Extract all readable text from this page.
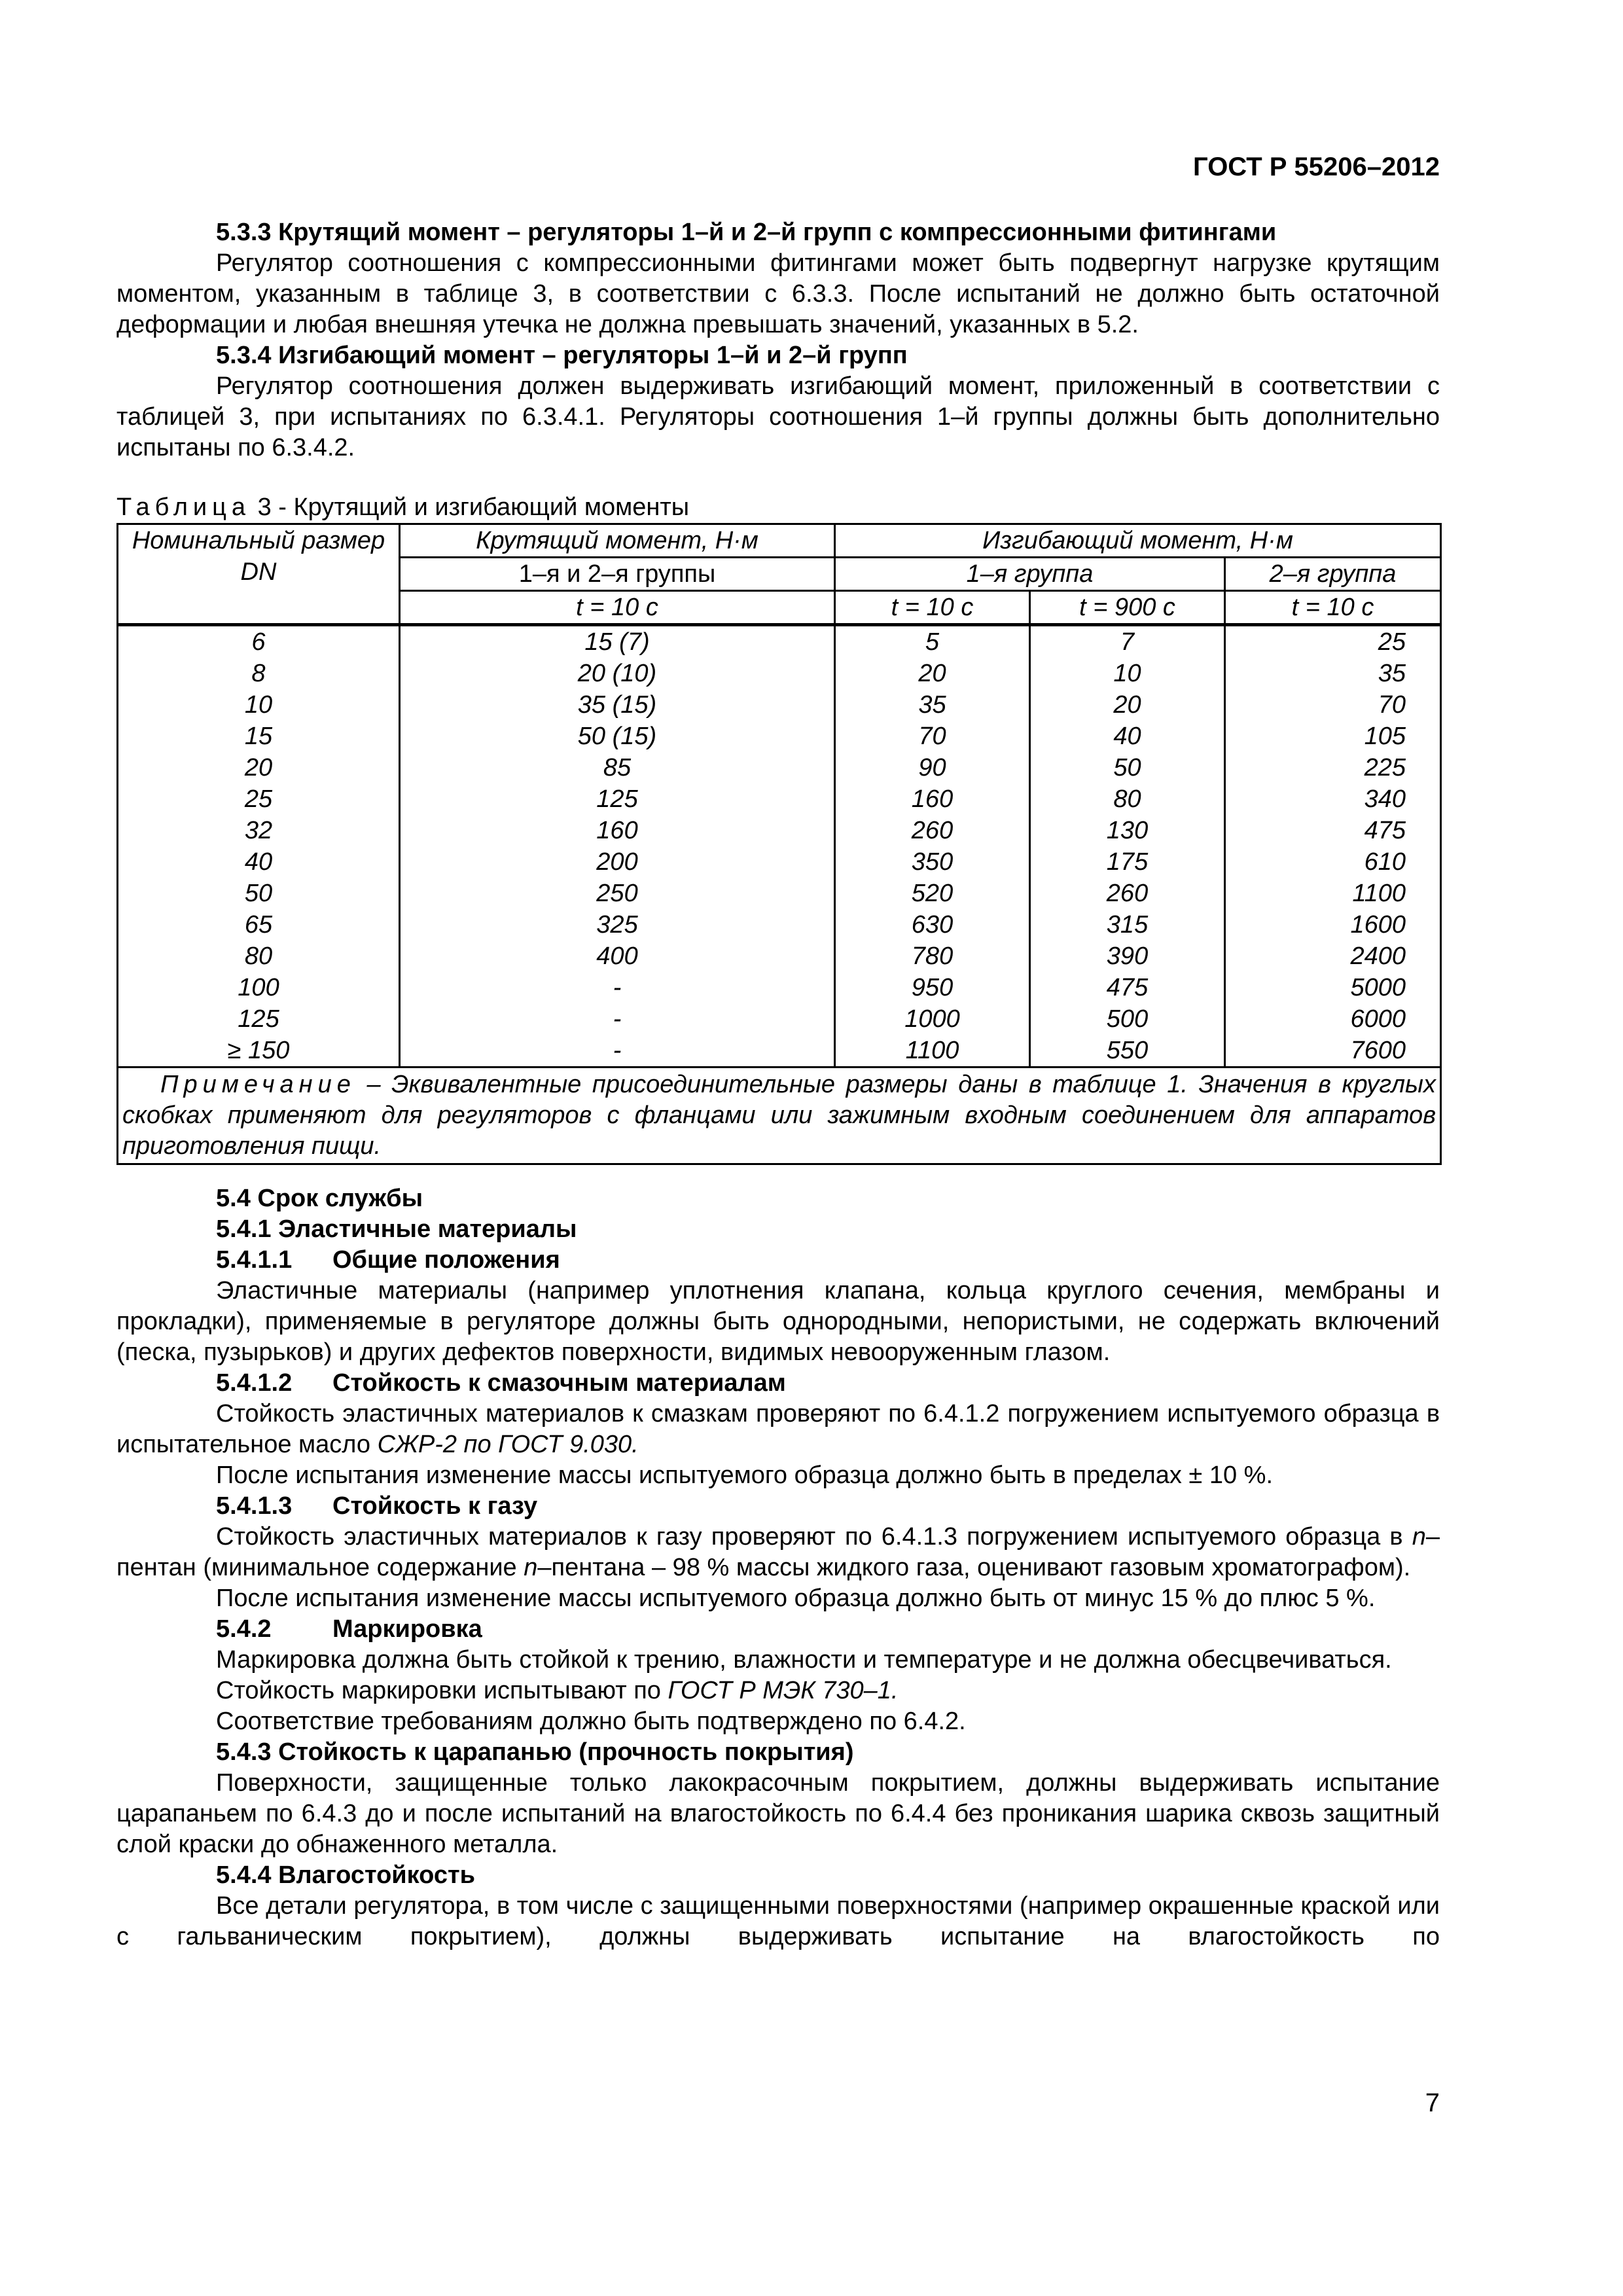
ГОСТ Р 55206–2012

5.3.3 Крутящий момент – регуляторы 1–й и 2–й групп с компрессионными фитингами

Регулятор соотношения с компрессионными фитингами может быть подвергнут нагрузке крутящим моментом, указанным в таблице 3, в соответствии с 6.3.3. После испытаний не должно быть остаточной деформации и любая внешняя утечка не должна превышать значений, указанных в 5.2.

5.3.4 Изгибающий момент – регуляторы 1–й и 2–й групп

Регулятор соотношения должен выдерживать изгибающий момент, приложенный в соответствии с таблицей 3, при испытаниях по 6.3.4.1. Регуляторы соотношения 1–й группы должны быть дополнительно испытаны по 6.3.4.2.

Таблица 3 - Крутящий и изгибающий моменты

Номинальный размер DN	Крутящий момент, Н·м	Изгибающий момент, Н·м		
	1–я и 2–я группы	1–я группа		2–я группа
	t = 10 с	t = 10 с	t = 900 с	t = 10 с
6	15 (7)	5	7	25
8	20 (10)	20	10	35
10	35 (15)	35	20	70
15	50 (15)	70	40	105
20	85	90	50	225
25	125	160	80	340
32	160	260	130	475
40	200	350	175	610
50	250	520	260	1100
65	325	630	315	1600
80	400	780	390	2400
100	-	950	475	5000
125	-	1000	500	6000
≥ 150	-	1100	550	7600
Примечание – Эквивалентные присоединительные размеры даны в таблице 1. Значения в круглых скобках применяют для регуляторов с фланцами или зажимным входным соединением для аппаратов приготовления пищи.				

5.4 Срок службы

5.4.1 Эластичные материалы

5.4.1.1 Общие положения

Эластичные материалы (например уплотнения клапана, кольца круглого сечения, мембраны и прокладки), применяемые в регуляторе должны быть однородными, непористыми, не содержать включений (песка, пузырьков) и других дефектов поверхности, видимых невооруженным глазом.

5.4.1.2 Стойкость к смазочным материалам

Стойкость эластичных материалов к смазкам проверяют по 6.4.1.2 погружением испытуемого образца в испытательное масло СЖР-2 по ГОСТ 9.030.

После испытания изменение массы испытуемого образца должно быть в пределах ± 10 %.

5.4.1.3 Стойкость к газу

Стойкость эластичных материалов к газу проверяют по 6.4.1.3 погружением испытуемого образца в n–пентан (минимальное содержание n–пентана – 98 % массы жидкого газа, оценивают газовым хроматографом).

После испытания изменение массы испытуемого образца должно быть от минус 15 % до плюс 5 %.

5.4.2 Маркировка

Маркировка должна быть стойкой к трению, влажности и температуре и не должна обесцвечиваться.

Стойкость маркировки испытывают по ГОСТ Р МЭК 730–1.

Соответствие требованиям должно быть подтверждено по 6.4.2.

5.4.3 Стойкость к царапанью (прочность покрытия)

Поверхности, защищенные только лакокрасочным покрытием, должны выдерживать испытание царапаньем по 6.4.3 до и после испытаний на влагостойкость по 6.4.4 без проникания шарика сквозь защитный слой краски до обнаженного металла.

5.4.4 Влагостойкость

Все детали регулятора, в том числе с защищенными поверхностями (например окрашенные краской или с гальваническим покрытием), должны выдерживать испытание на влагостойкость по

7
